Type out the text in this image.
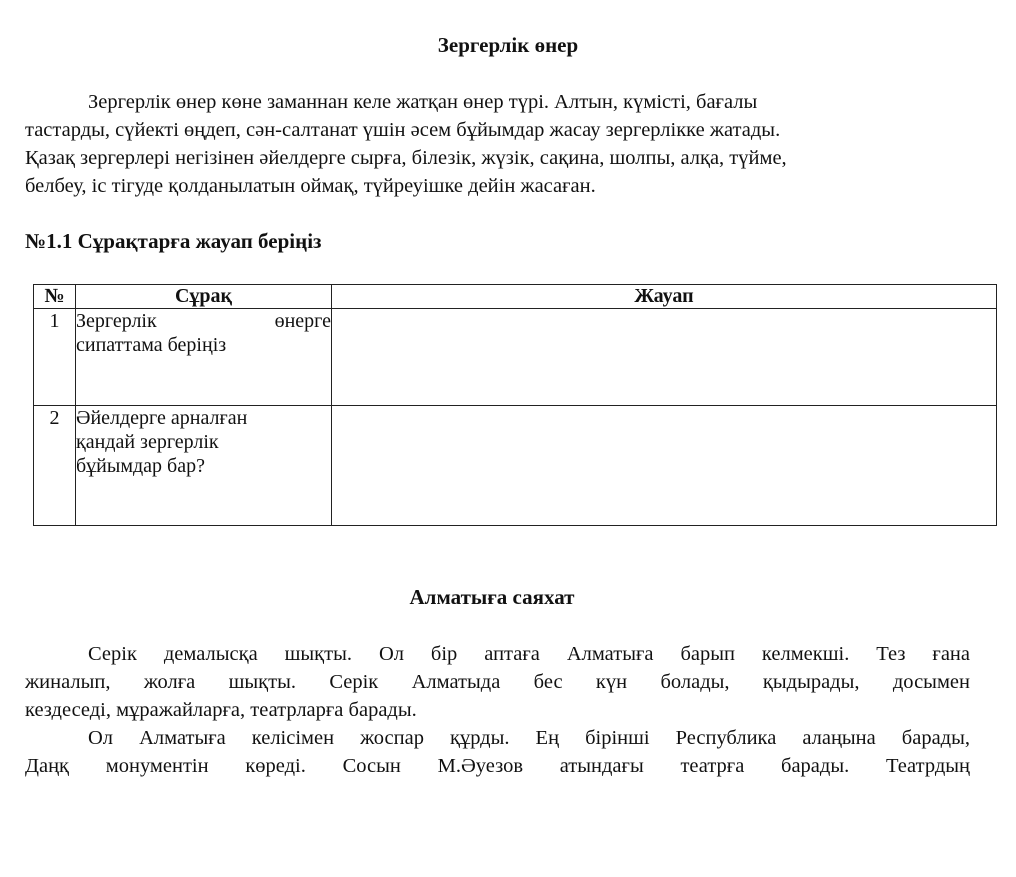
Зергерлік өнер

Зергерлік өнер көне заманнан келе жатқан өнер түрі. Алтын, күмісті, бағалы
тастарды, сүйекті өңдеп, сән-салтанат үшін әсем бұйымдар жасау зергерлікке жатады.
Қазақ зергерлері негізінен әйелдерге сырға, білезік, жүзік, сақина, шолпы, алқа, түйме,
белбеу, іс тігуде қолданылатын оймақ, түйреуішке дейін жасаған.

№1.1 Сұрақтарға жауап беріңіз
№	Сұрақ	Жауап
1	Зергерлік өнерге
сипаттама беріңіз	

2	Әйелдерге арналған
қандай зергерлік
бұйымдар бар?	

Алматыға саяхат

Серік демалысқа шықты. Ол бір аптаға Алматыға барып келмекші. Тез ғана
жиналып, жолға шықты. Серік Алматыда бес күн болады, қыдырады, досымен
кездеседі, мұражайларға, театрларға барады.

Ол Алматыға келісімен жоспар құрды. Ең бірінші Республика алаңына барады,
Даңқ монументін көреді. Сосын М.Әуезов атындағы театрға барады. Театрдың
